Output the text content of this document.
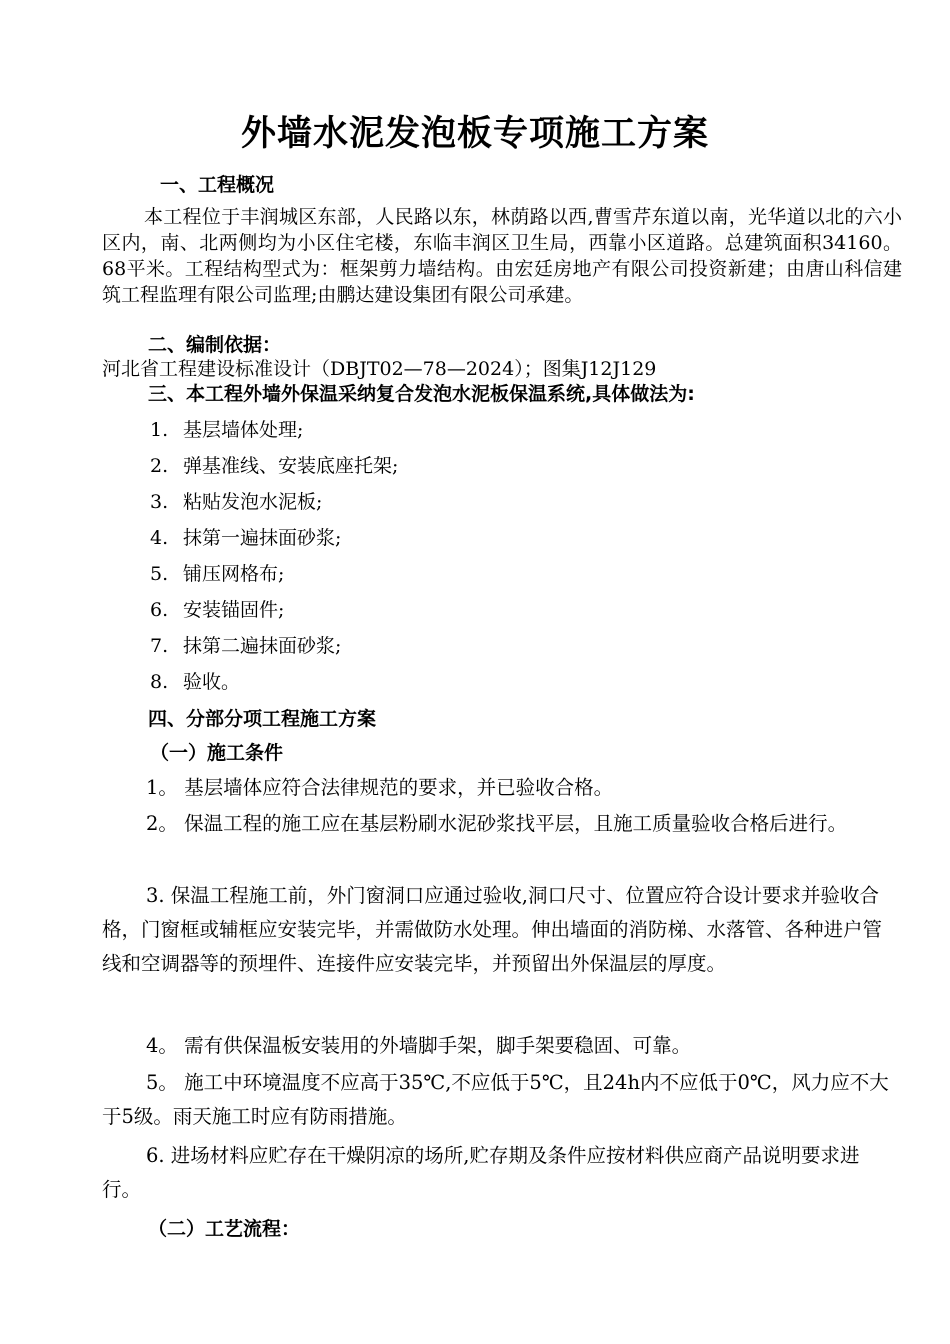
外墙水泥发泡板专项施工方案
一、工程概况
本工程位于丰润城区东部，人民路以东，林荫路以西,曹雪芹东道以南，光华道以北的六小区内，南、北两侧均为小区住宅楼，东临丰润区卫生局，西靠小区道路。总建筑面积34160。68平米。工程结构型式为：框架剪力墙结构。由宏廷房地产有限公司投资新建；由唐山科信建筑工程监理有限公司监理;由鹏达建设集团有限公司承建。
二、编制依据：
河北省工程建设标准设计（DBJT02—78—2024）；图集J12J129
三、本工程外墙外保温采纳复合发泡水泥板保温系统,具体做法为:
1. 基层墙体处理;
2. 弹基准线、安装底座托架;
3. 粘贴发泡水泥板;
4. 抹第一遍抹面砂浆;
5. 铺压网格布;
6. 安装锚固件;
7. 抹第二遍抹面砂浆;
8. 验收。
四、分部分项工程施工方案
（一）施工条件
1。 基层墙体应符合法律规范的要求，并已验收合格。
2。 保温工程的施工应在基层粉刷水泥砂浆找平层，且施工质量验收合格后进行。
3. 保温工程施工前，外门窗洞口应通过验收,洞口尺寸、位置应符合设计要求并验收合格，门窗框或辅框应安装完毕，并需做防水处理。伸出墙面的消防梯、水落管、各种进户管线和空调器等的预埋件、连接件应安装完毕，并预留出外保温层的厚度。
4。 需有供保温板安装用的外墙脚手架，脚手架要稳固、可靠。
5。 施工中环境温度不应高于35℃,不应低于5℃，且24h内不应低于0℃，风力应不大于5级。雨天施工时应有防雨措施。
6. 进场材料应贮存在干燥阴凉的场所,贮存期及条件应按材料供应商产品说明要求进行。
（二）工艺流程：
